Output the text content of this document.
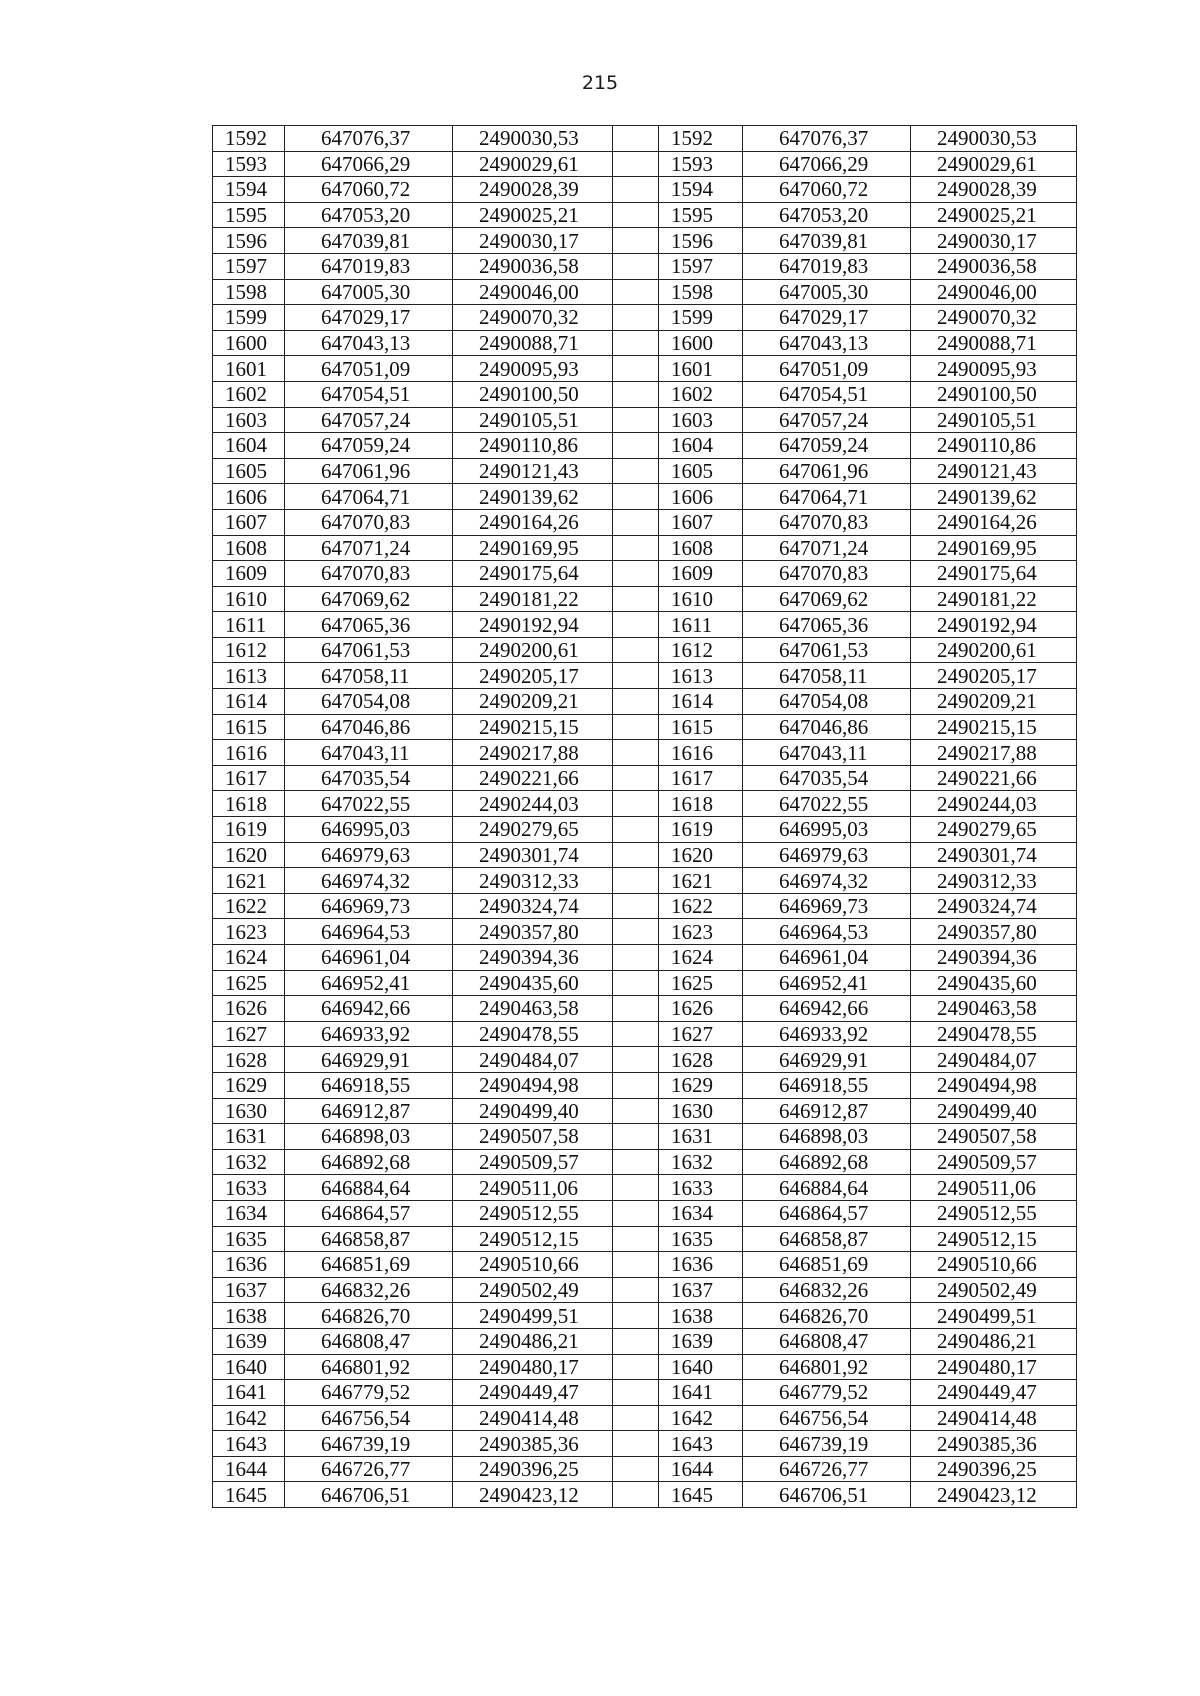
215
1592	647076,37	2490030,53		1592	647076,37	2490030,53
1593	647066,29	2490029,61		1593	647066,29	2490029,61
1594	647060,72	2490028,39		1594	647060,72	2490028,39
1595	647053,20	2490025,21		1595	647053,20	2490025,21
1596	647039,81	2490030,17		1596	647039,81	2490030,17
1597	647019,83	2490036,58		1597	647019,83	2490036,58
1598	647005,30	2490046,00		1598	647005,30	2490046,00
1599	647029,17	2490070,32		1599	647029,17	2490070,32
1600	647043,13	2490088,71		1600	647043,13	2490088,71
1601	647051,09	2490095,93		1601	647051,09	2490095,93
1602	647054,51	2490100,50		1602	647054,51	2490100,50
1603	647057,24	2490105,51		1603	647057,24	2490105,51
1604	647059,24	2490110,86		1604	647059,24	2490110,86
1605	647061,96	2490121,43		1605	647061,96	2490121,43
1606	647064,71	2490139,62		1606	647064,71	2490139,62
1607	647070,83	2490164,26		1607	647070,83	2490164,26
1608	647071,24	2490169,95		1608	647071,24	2490169,95
1609	647070,83	2490175,64		1609	647070,83	2490175,64
1610	647069,62	2490181,22		1610	647069,62	2490181,22
1611	647065,36	2490192,94		1611	647065,36	2490192,94
1612	647061,53	2490200,61		1612	647061,53	2490200,61
1613	647058,11	2490205,17		1613	647058,11	2490205,17
1614	647054,08	2490209,21		1614	647054,08	2490209,21
1615	647046,86	2490215,15		1615	647046,86	2490215,15
1616	647043,11	2490217,88		1616	647043,11	2490217,88
1617	647035,54	2490221,66		1617	647035,54	2490221,66
1618	647022,55	2490244,03		1618	647022,55	2490244,03
1619	646995,03	2490279,65		1619	646995,03	2490279,65
1620	646979,63	2490301,74		1620	646979,63	2490301,74
1621	646974,32	2490312,33		1621	646974,32	2490312,33
1622	646969,73	2490324,74		1622	646969,73	2490324,74
1623	646964,53	2490357,80		1623	646964,53	2490357,80
1624	646961,04	2490394,36		1624	646961,04	2490394,36
1625	646952,41	2490435,60		1625	646952,41	2490435,60
1626	646942,66	2490463,58		1626	646942,66	2490463,58
1627	646933,92	2490478,55		1627	646933,92	2490478,55
1628	646929,91	2490484,07		1628	646929,91	2490484,07
1629	646918,55	2490494,98		1629	646918,55	2490494,98
1630	646912,87	2490499,40		1630	646912,87	2490499,40
1631	646898,03	2490507,58		1631	646898,03	2490507,58
1632	646892,68	2490509,57		1632	646892,68	2490509,57
1633	646884,64	2490511,06		1633	646884,64	2490511,06
1634	646864,57	2490512,55		1634	646864,57	2490512,55
1635	646858,87	2490512,15		1635	646858,87	2490512,15
1636	646851,69	2490510,66		1636	646851,69	2490510,66
1637	646832,26	2490502,49		1637	646832,26	2490502,49
1638	646826,70	2490499,51		1638	646826,70	2490499,51
1639	646808,47	2490486,21		1639	646808,47	2490486,21
1640	646801,92	2490480,17		1640	646801,92	2490480,17
1641	646779,52	2490449,47		1641	646779,52	2490449,47
1642	646756,54	2490414,48		1642	646756,54	2490414,48
1643	646739,19	2490385,36		1643	646739,19	2490385,36
1644	646726,77	2490396,25		1644	646726,77	2490396,25
1645	646706,51	2490423,12		1645	646706,51	2490423,12
